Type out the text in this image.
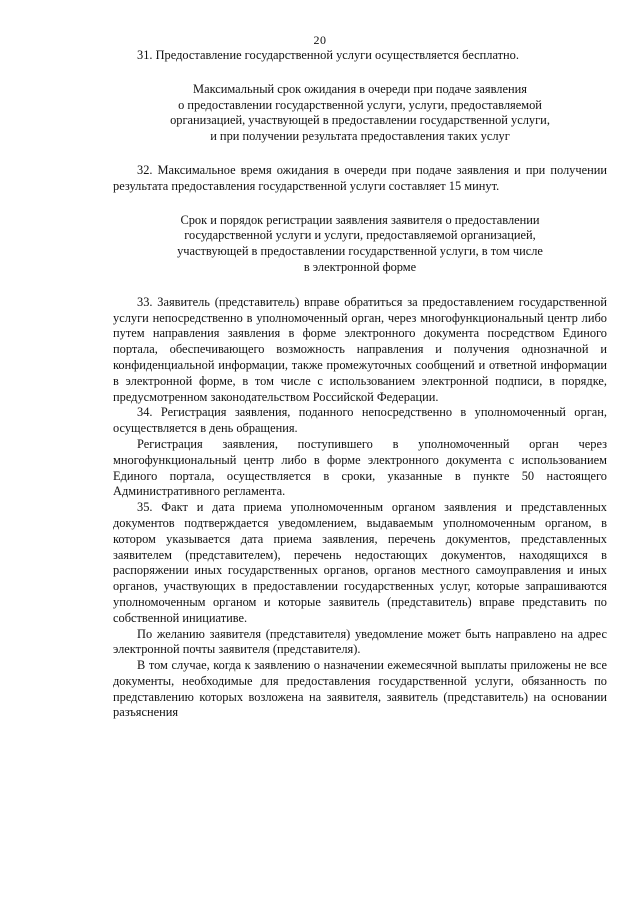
20

31. Предоставление государственной услуги осуществляется бесплатно.

Максимальный срок ожидания в очереди при подаче заявления
о предоставлении государственной услуги, услуги, предоставляемой
организацией, участвующей в предоставлении государственной услуги,
и при получении результата предоставления таких услуг

32. Максимальное время ожидания в очереди при подаче заявления и при получении результата предоставления государственной услуги составляет 15 минут.

Срок и порядок регистрации заявления заявителя о предоставлении
государственной услуги и услуги, предоставляемой организацией,
участвующей в предоставлении государственной услуги, в том числе
в электронной форме

33. Заявитель (представитель) вправе обратиться за предоставлением государственной услуги непосредственно в уполномоченный орган, через многофункциональный центр либо путем направления заявления в форме электронного документа посредством Единого портала, обеспечивающего возможность направления и получения однозначной и конфиденциальной информации, также промежуточных сообщений и ответной информации в электронной форме, в том числе с использованием электронной подписи, в порядке, предусмотренном законодательством Российской Федерации.

34. Регистрация заявления, поданного непосредственно в уполномоченный орган, осуществляется в день обращения.

Регистрация заявления, поступившего в уполномоченный орган через многофункциональный центр либо в форме электронного документа с использованием Единого портала, осуществляется в сроки, указанные в пункте 50 настоящего Административного регламента.

35. Факт и дата приема уполномоченным органом заявления и представленных документов подтверждается уведомлением, выдаваемым уполномоченным органом, в котором указывается дата приема заявления, перечень документов, представленных заявителем (представителем), перечень недостающих документов, находящихся в распоряжении иных государственных органов, органов местного самоуправления и иных органов, участвующих в предоставлении государственных услуг, которые запрашиваются уполномоченным органом и которые заявитель (представитель) вправе представить по собственной инициативе.

По желанию заявителя (представителя) уведомление может быть направлено на адрес электронной почты заявителя (представителя).

В том случае, когда к заявлению о назначении ежемесячной выплаты приложены не все документы, необходимые для предоставления государственной услуги, обязанность по представлению которых возложена на заявителя, заявитель (представитель) на основании разъяснения
